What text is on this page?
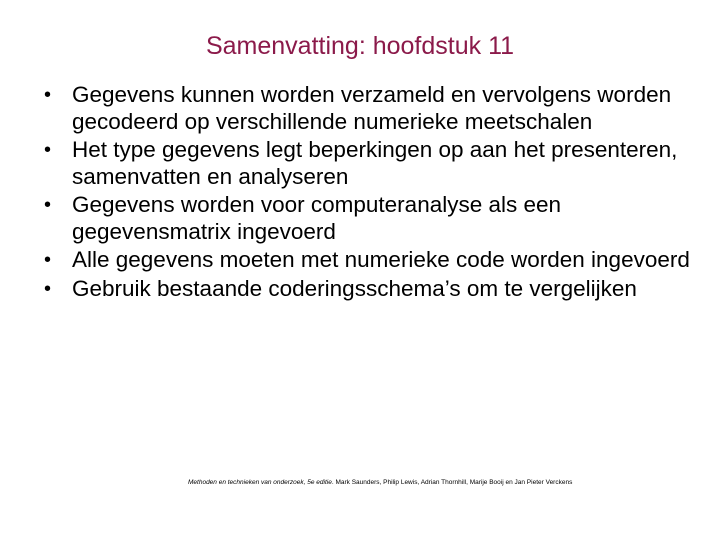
Samenvatting: hoofdstuk 11
• Gegevens kunnen worden verzameld en vervolgens worden gecodeerd op verschillende numerieke meetschalen
• Het type gegevens legt beperkingen op aan het presenteren, samenvatten en analyseren
• Gegevens worden voor computeranalyse als een gegevensmatrix ingevoerd
• Alle gegevens moeten met numerieke code worden ingevoerd
• Gebruik bestaande coderingsschema’s om te vergelijken
Methoden en technieken van onderzoek, 5e editie. Mark Saunders, Philip Lewis, Adrian Thornhill, Marije Booij en Jan Pieter Verckens
